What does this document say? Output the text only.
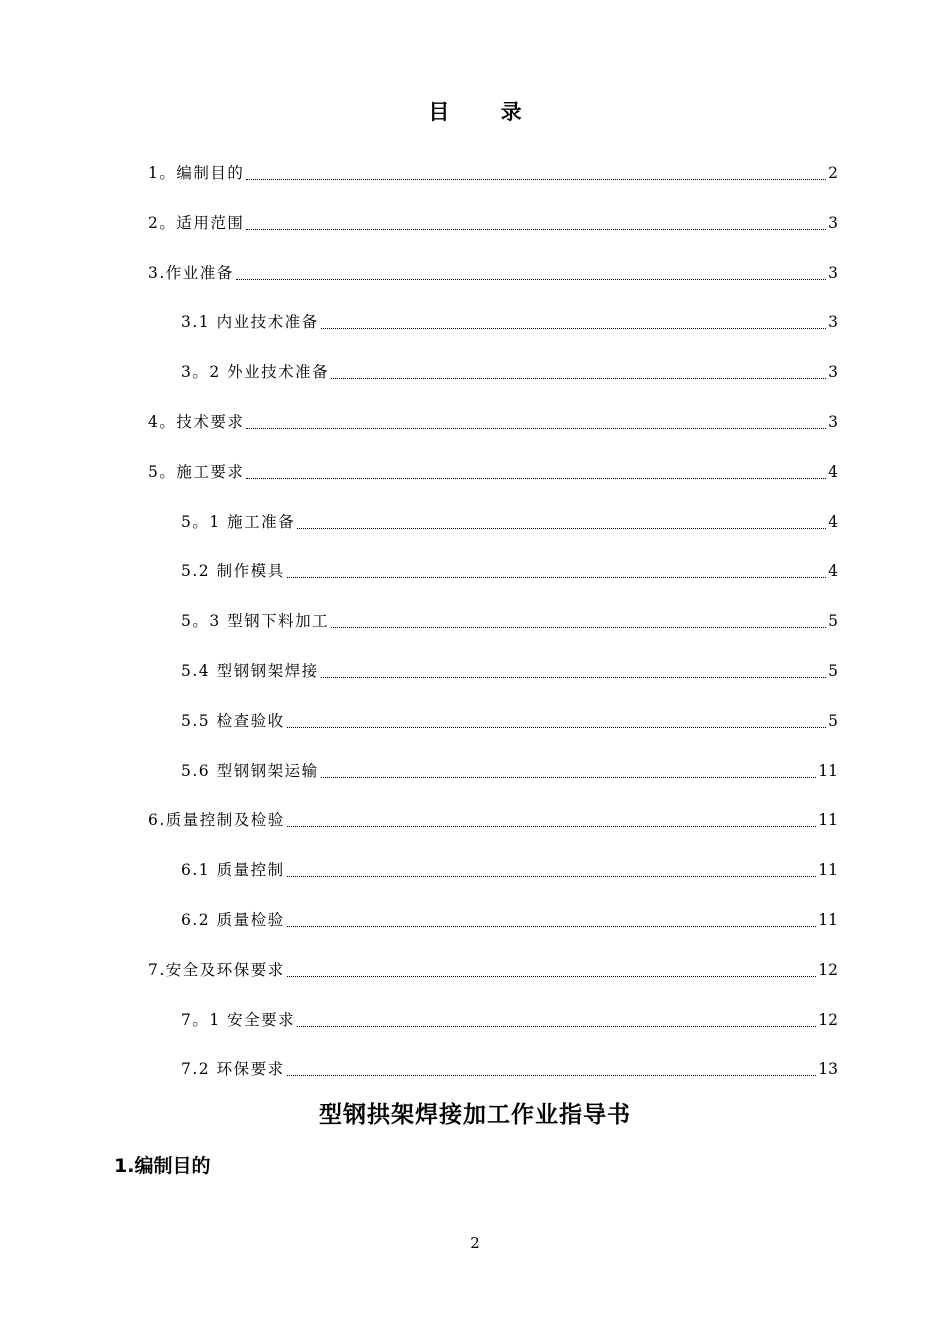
目 录
1。编制目的	2
2。适用范围	3
3.作业准备	3
3.1 内业技术准备	3
3。2 外业技术准备	3
4。技术要求	3
5。施工要求	4
5。1 施工准备	4
5.2 制作模具	4
5。3 型钢下料加工	5
5.4 型钢钢架焊接	5
5.5 检查验收	5
5.6 型钢钢架运输	11
6.质量控制及检验	11
6.1 质量控制	11
6.2 质量检验	11
7.安全及环保要求	12
7。1 安全要求	12
7.2 环保要求	13
型钢拱架焊接加工作业指导书
1.编制目的
2
